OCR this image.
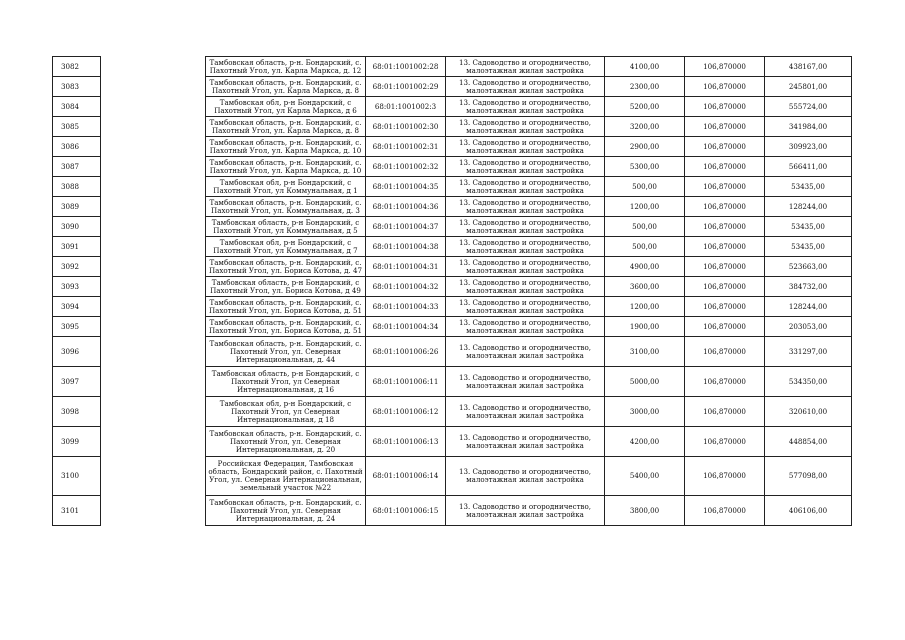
3082		Тамбовская область, р-н. Бондарский, с. Пахотный Угол, ул. Карла Маркса, д. 12	68:01:1001002:28	13. Садоводство и огородничество, малоэтажная жилая застройка	4100,00	106,870000	438167,00
3083		Тамбовская область, р-н. Бондарский, с. Пахотный Угол, ул. Карла Маркса, д. 8	68:01:1001002:29	13. Садоводство и огородничество, малоэтажная жилая застройка	2300,00	106,870000	245801,00
3084		Тамбовская обл, р-н Бондарский, с Пахотный Угол, ул Карла Маркса, д 6	68:01:1001002:3	13. Садоводство и огородничество, малоэтажная жилая застройка	5200,00	106,870000	555724,00
3085		Тамбовская область, р-н. Бондарский, с. Пахотный Угол, ул. Карла Маркса, д. 8	68:01:1001002:30	13. Садоводство и огородничество, малоэтажная жилая застройка	3200,00	106,870000	341984,00
3086		Тамбовская область, р-н. Бондарский, с. Пахотный Угол, ул. Карла Маркса, д. 10	68:01:1001002:31	13. Садоводство и огородничество, малоэтажная жилая застройка	2900,00	106,870000	309923,00
3087		Тамбовская область, р-н. Бондарский, с. Пахотный Угол, ул. Карла Маркса, д. 10	68:01:1001002:32	13. Садоводство и огородничество, малоэтажная жилая застройка	5300,00	106,870000	566411,00
3088		Тамбовская обл, р-н Бондарский, с Пахотный Угол, ул Коммунальная, д 1	68:01:1001004:35	13. Садоводство и огородничество, малоэтажная жилая застройка	500,00	106,870000	53435,00
3089		Тамбовская область, р-н. Бондарский, с. Пахотный Угол, ул. Коммунальная, д. 3	68:01:1001004:36	13. Садоводство и огородничество, малоэтажная жилая застройка	1200,00	106,870000	128244,00
3090		Тамбовская область, р-н Бондарский, с Пахотный Угол, ул Коммунальная, д 5	68:01:1001004:37	13. Садоводство и огородничество, малоэтажная жилая застройка	500,00	106,870000	53435,00
3091		Тамбовская обл, р-н Бондарский, с Пахотный Угол, ул Коммунальная, д 7	68:01:1001004:38	13. Садоводство и огородничество, малоэтажная жилая застройка	500,00	106,870000	53435,00
3092		Тамбовская область, р-н. Бондарский, с. Пахотный Угол, ул. Бориса Котова, д. 47	68:01:1001004:31	13. Садоводство и огородничество, малоэтажная жилая застройка	4900,00	106,870000	523663,00
3093		Тамбовская область, р-н Бондарский, с Пахотный Угол, ул. Бориса Котова, д 49	68:01:1001004:32	13. Садоводство и огородничество, малоэтажная жилая застройка	3600,00	106,870000	384732,00
3094		Тамбовская область, р-н. Бондарский, с. Пахотный Угол, ул. Бориса Котова, д. 51	68:01:1001004:33	13. Садоводство и огородничество, малоэтажная жилая застройка	1200,00	106,870000	128244,00
3095		Тамбовская область, р-н. Бондарский, с. Пахотный Угол, ул. Бориса Котова, д. 51	68:01:1001004:34	13. Садоводство и огородничество, малоэтажная жилая застройка	1900,00	106,870000	203053,00
3096		Тамбовская область, р-н. Бондарский, с. Пахотный Угол, ул. Северная Интернациональная, д. 44	68:01:1001006:26	13. Садоводство и огородничество, малоэтажная жилая застройка	3100,00	106,870000	331297,00
3097		Тамбовская область, р-н Бондарский, с Пахотный Угол, ул Северная Интернациональная, д 16	68:01:1001006:11	13. Садоводство и огородничество, малоэтажная жилая застройка	5000,00	106,870000	534350,00
3098		Тамбовская обл, р-н Бондарский, с Пахотный Угол, ул Северная Интернациональная, д 18	68:01:1001006:12	13. Садоводство и огородничество, малоэтажная жилая застройка	3000,00	106,870000	320610,00
3099		Тамбовская область, р-н. Бондарский, с. Пахотный Угол, ул. Северная Интернациональная, д. 20	68:01:1001006:13	13. Садоводство и огородничество, малоэтажная жилая застройка	4200,00	106,870000	448854,00
3100		Российская Федерация, Тамбовская область, Бондарский район, с. Пахотный Угол, ул. Северная Интернациональная, земельный участок №22	68:01:1001006:14	13. Садоводство и огородничество, малоэтажная жилая застройка	5400,00	106,870000	577098,00
3101		Тамбовская область, р-н. Бондарский, с. Пахотный Угол, ул. Северная Интернациональная, д. 24	68:01:1001006:15	13. Садоводство и огородничество, малоэтажная жилая застройка	3800,00	106,870000	406106,00
